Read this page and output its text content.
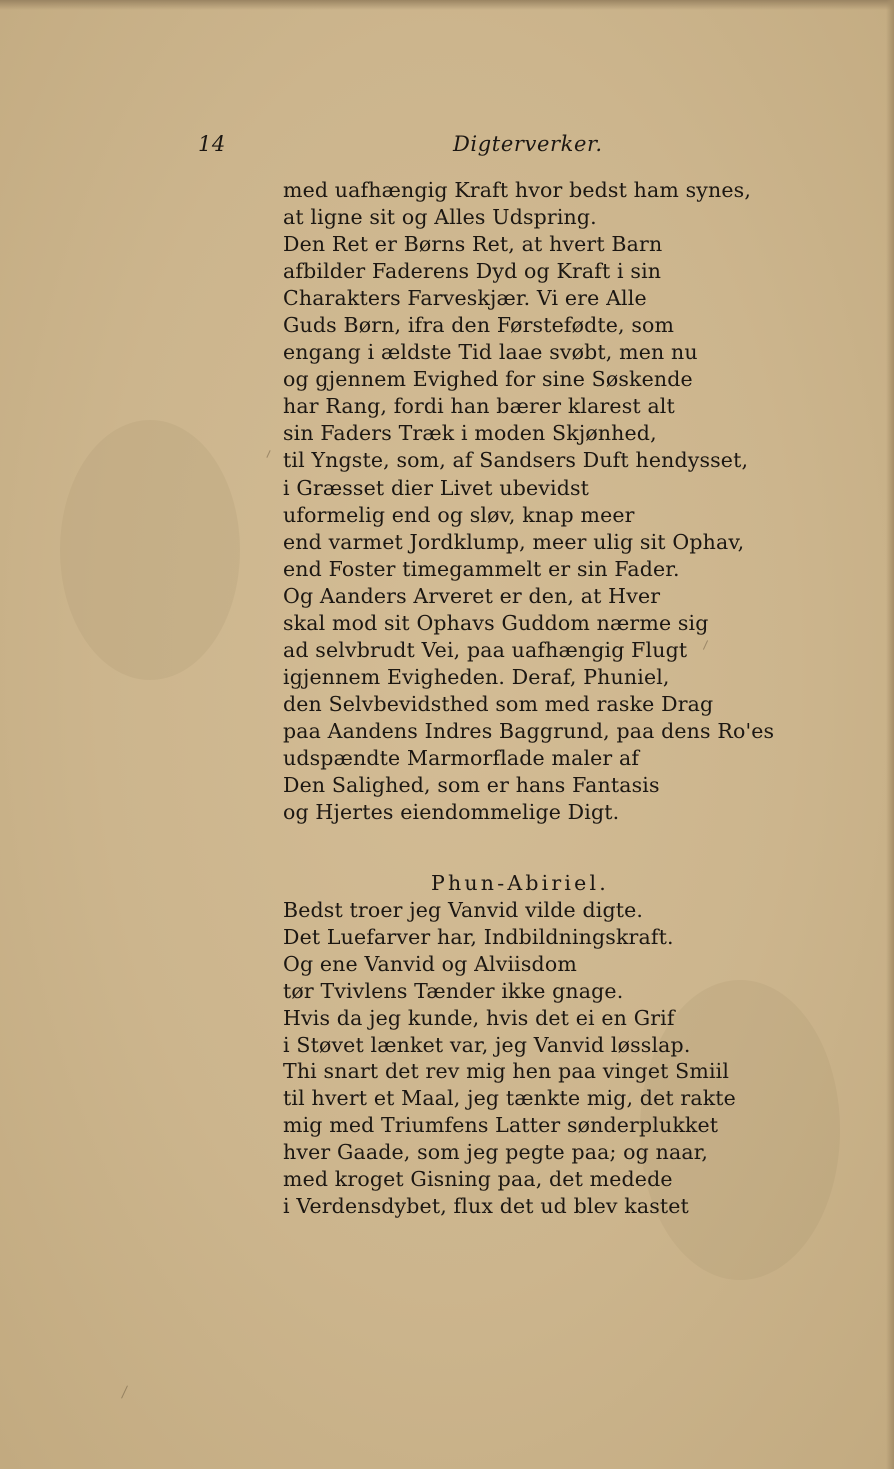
14	Digterverker.
med uafhængig Kraft hvor bedst ham synes,
at ligne sit og Alles Udspring.
Den Ret er Børns Ret, at hvert Barn
afbilder Faderens Dyd og Kraft i sin
Charakters Farveskjær. Vi ere Alle
Guds Børn, ifra den Førstefødte, som
engang i ældste Tid laae svøbt, men nu
og gjennem Evighed for sine Søskende
har Rang, fordi han bærer klarest alt
sin Faders Træk i moden Skjønhed,
til Yngste, som, af Sandsers Duft hendysset,
i Græsset dier Livet ubevidst
uformelig end og sløv, knap meer
end varmet Jordklump, meer ulig sit Ophav,
end Foster timegammelt er sin Fader.
Og Aanders Arveret er den, at Hver
skal mod sit Ophavs Guddom nærme sig
ad selvbrudt Vei, paa uafhængig Flugt
igjennem Evigheden. Deraf, Phuniel,
den Selvbevidsthed som med raske Drag
paa Aandens Indres Baggrund, paa dens Ro'es
udspændte Marmorflade maler af
Den Salighed, som er hans Fantasis
og Hjertes eiendommelige Digt.
Phun-Abiriel.
Bedst troer jeg Vanvid vilde digte.
Det Luefarver har, Indbildningskraft.
Og ene Vanvid og Alviisdom
tør Tvivlens Tænder ikke gnage.
Hvis da jeg kunde, hvis det ei en Grif
i Støvet lænket var, jeg Vanvid løsslap.
Thi snart det rev mig hen paa vinget Smiil
til hvert et Maal, jeg tænkte mig, det rakte
mig med Triumfens Latter sønderplukket
hver Gaade, som jeg pegte paa; og naar,
med kroget Gisning paa, det medede
i Verdensdybet, flux det ud blev kastet
